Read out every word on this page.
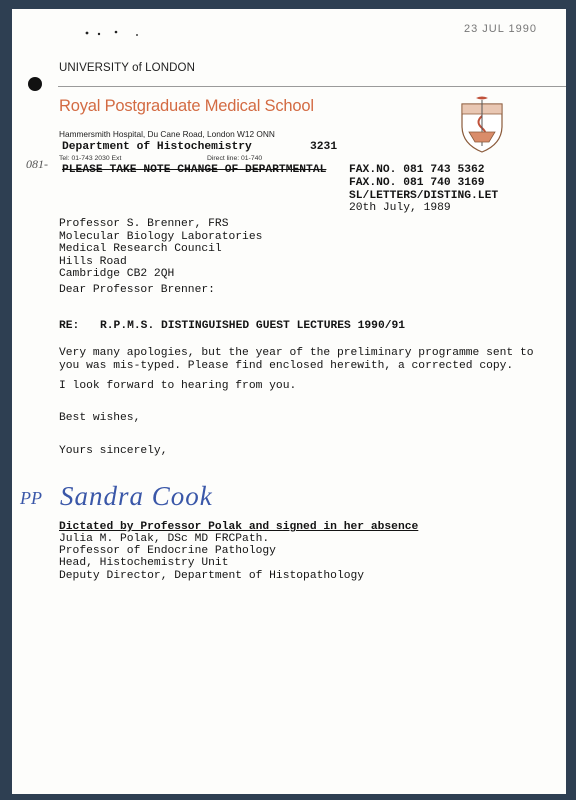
23 JUL 1990
UNIVERSITY of LONDON
Royal Postgraduate Medical School
Hammersmith Hospital, Du Cane Road, London W12 ONN
Department of Histochemistry	3231
Tel: 01-743 2030 Ext	Direct line: 01-740
081- PLEASE TAKE NOTE CHANGE OF DEPARTMENTAL FAX.NO. 081 743 5362
FAX.NO. 081 740 3169
SL/LETTERS/DISTING.LET
20th July, 1989
Professor S. Brenner, FRS
Molecular Biology Laboratories
Medical Research Council
Hills Road
Cambridge CB2 2QH
Dear Professor Brenner:
RE: R.P.M.S. DISTINGUISHED GUEST LECTURES 1990/91
Very many apologies, but the year of the preliminary programme sent to
you was mis-typed. Please find enclosed herewith, a corrected copy.
I look forward to hearing from you.
Best wishes,
Yours sincerely,
PP Sandra Cook
Dictated by Professor Polak and signed in her absence
Julia M. Polak, DSc MD FRCPath.
Professor of Endocrine Pathology
Head, Histochemistry Unit
Deputy Director, Department of Histopathology
